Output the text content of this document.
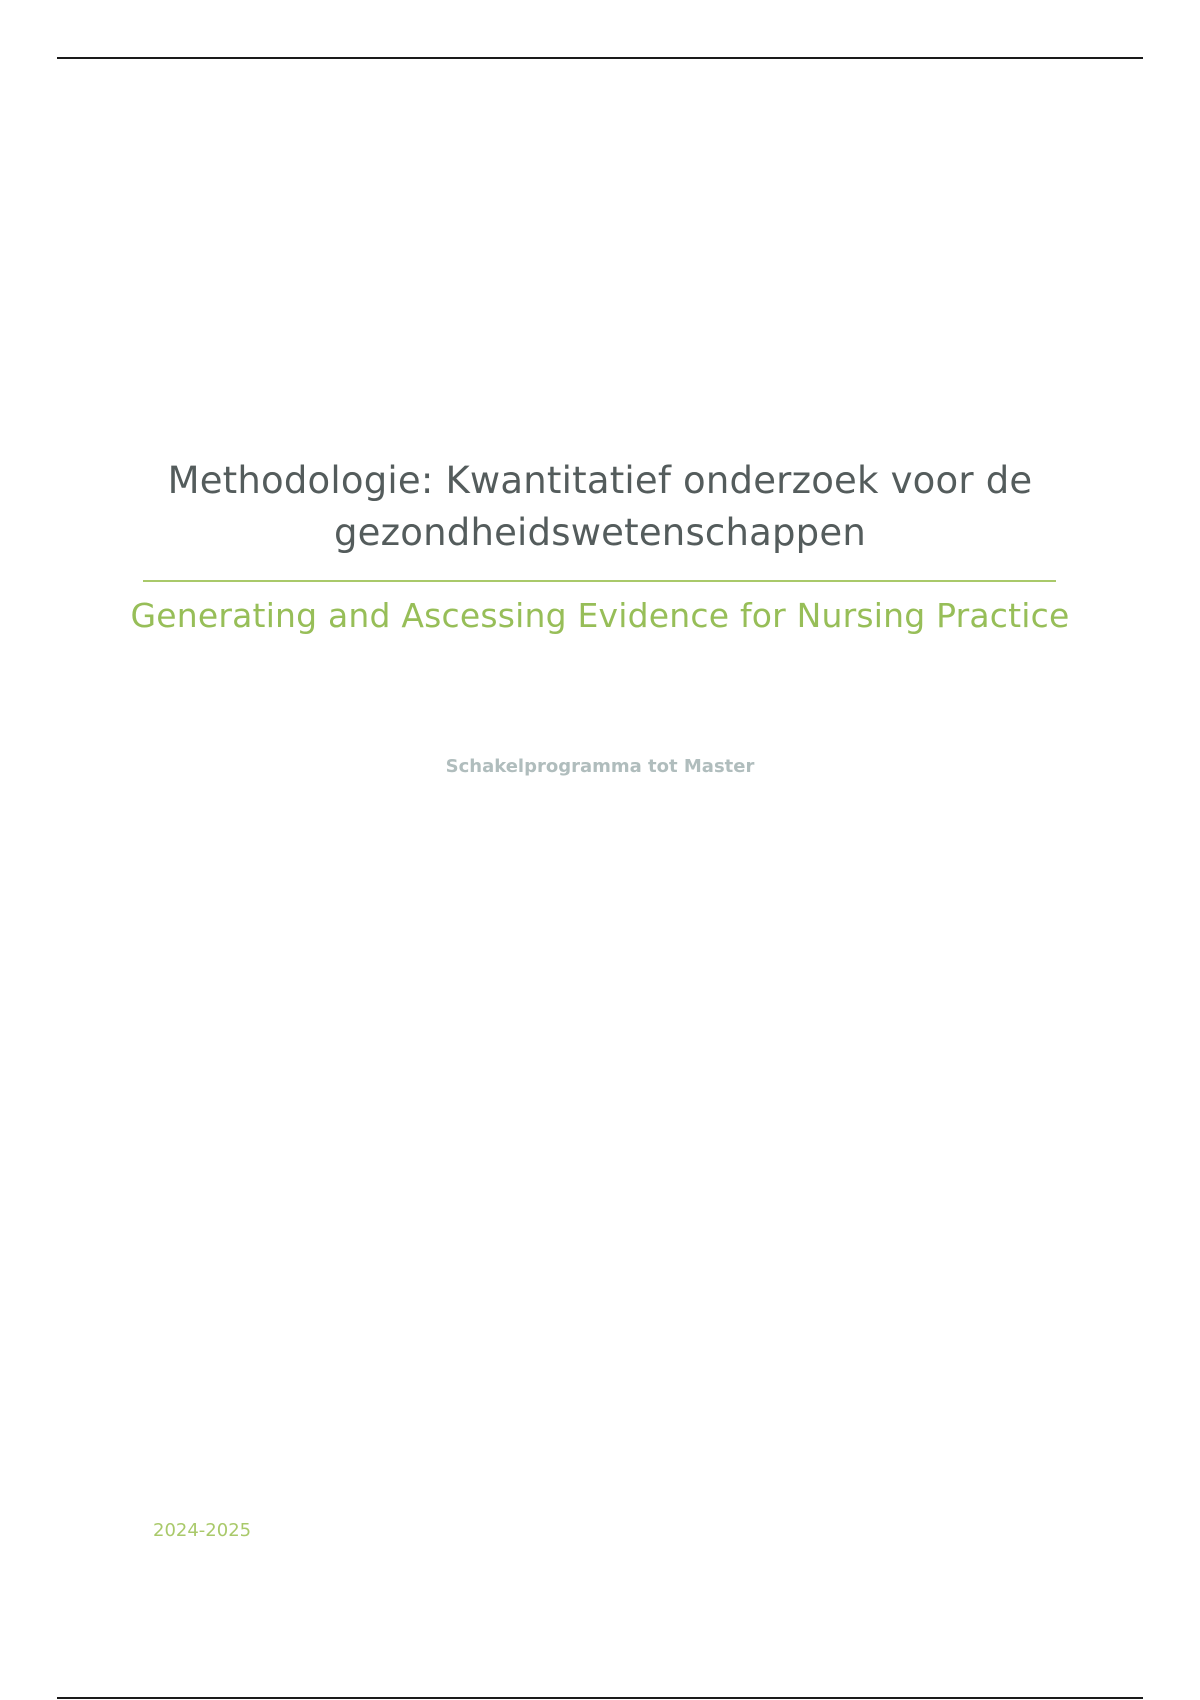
Methodologie: Kwantitatief onderzoek voor de gezondheidswetenschappen
Generating and Ascessing Evidence for Nursing Practice
Schakelprogramma tot Master
2024-2025
